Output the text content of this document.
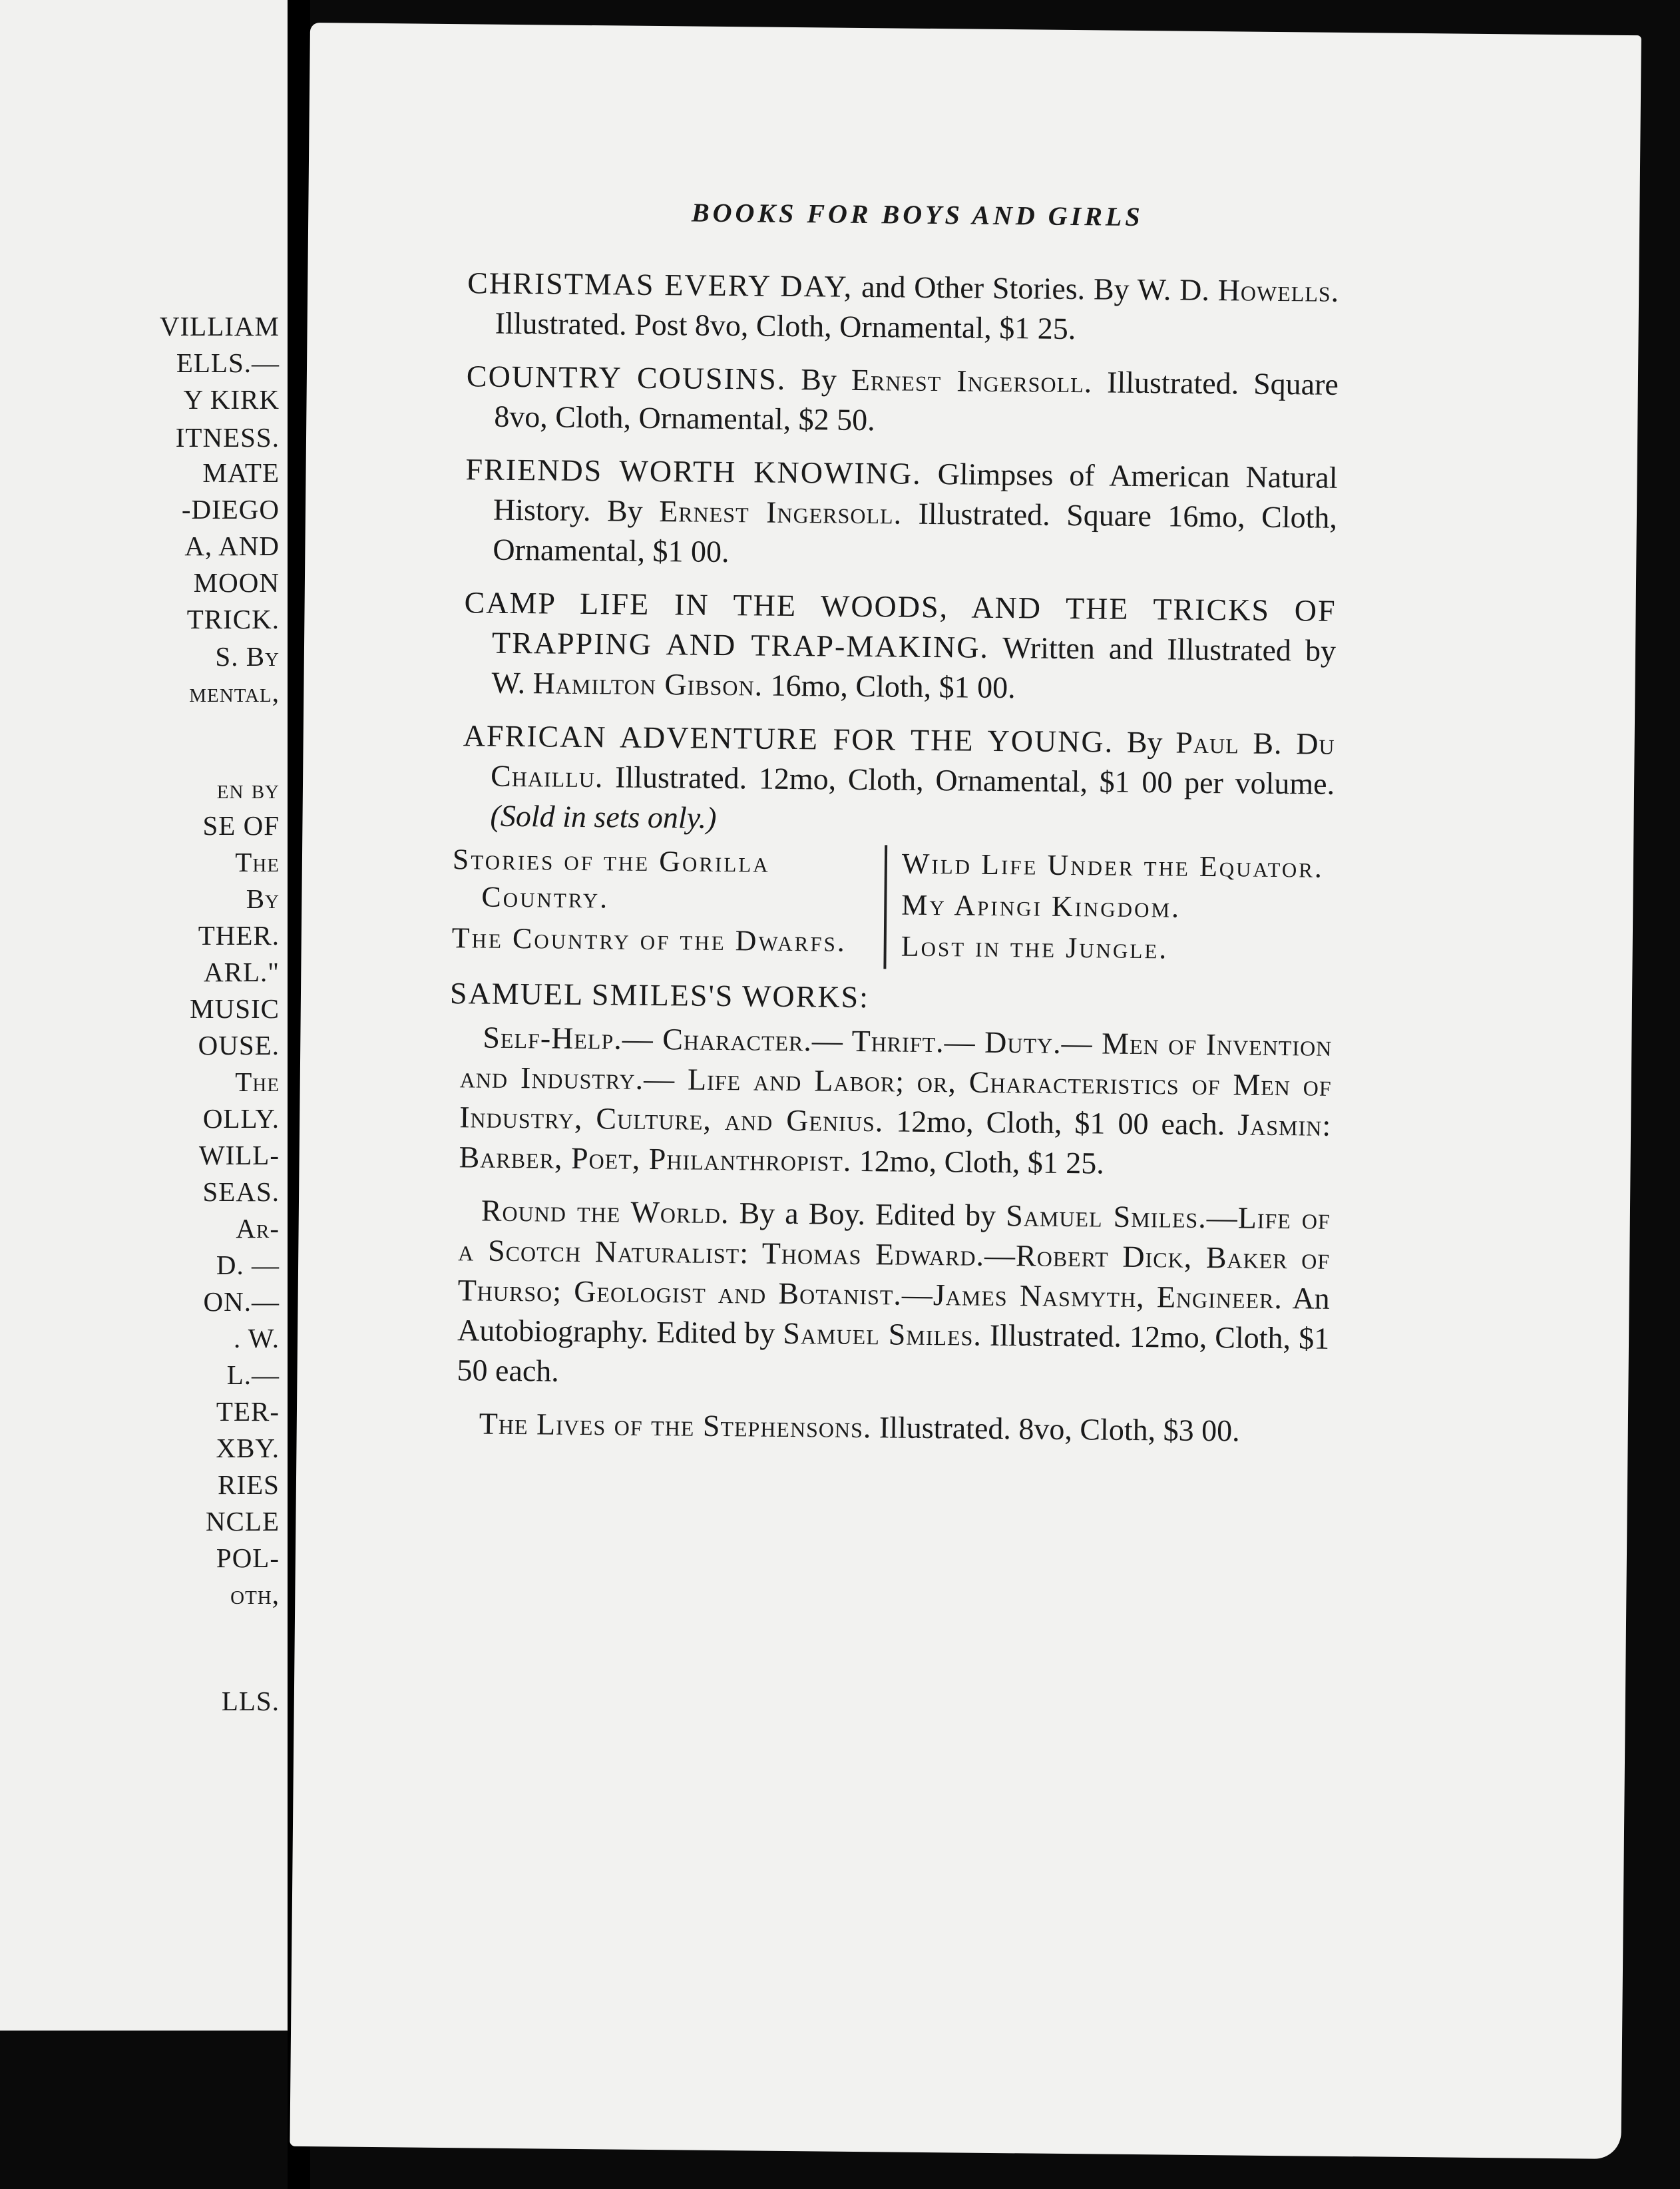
VILLIAM
ELLS.—
Y KIRK
ITNESS.
MATE
-DIEGO
A, AND
MOON
TRICK.
S. By
mental,
en by
SE OF
The
By
THER.
ARL."
MUSIC
OUSE.
The
OLLY.
WILL-
SEAS.
Ar-
D. —
ON.—
. W.
L.—
TER-
XBY.
RIES
NCLE
POL-
oth,
LLS.
BOOKS FOR BOYS AND GIRLS

CHRISTMAS EVERY DAY, and Other Stories. By W. D. Howells. Illustrated. Post 8vo, Cloth, Ornamental, $1 25.

COUNTRY COUSINS. By Ernest Ingersoll. Illustrated. Square 8vo, Cloth, Ornamental, $2 50.

FRIENDS WORTH KNOWING. Glimpses of American Natural History. By Ernest Ingersoll. Illustrated. Square 16mo, Cloth, Ornamental, $1 00.

CAMP LIFE IN THE WOODS, AND THE TRICKS OF TRAPPING AND TRAP-MAKING. Written and Illustrated by W. Hamilton Gibson. 16mo, Cloth, $1 00.

AFRICAN ADVENTURE FOR THE YOUNG. By Paul B. Du Chaillu. Illustrated. 12mo, Cloth, Ornamental, $1 00 per volume. (Sold in sets only.)

Stories of the Gorilla Country.
The Country of the Dwarfs.
Wild Life Under the Equator.
My Apingi Kingdom.
Lost in the Jungle.
SAMUEL SMILES'S WORKS:

Self-Help.— Character.— Thrift.— Duty.— Men of Invention and Industry.— Life and Labor; or, Characteristics of Men of Industry, Culture, and Genius. 12mo, Cloth, $1 00 each. Jasmin: Barber, Poet, Philanthropist. 12mo, Cloth, $1 25.

Round the World. By a Boy. Edited by Samuel Smiles.—Life of a Scotch Naturalist: Thomas Edward.—Robert Dick, Baker of Thurso; Geologist and Botanist.—James Nasmyth, Engineer. An Autobiography. Edited by Samuel Smiles. Illustrated. 12mo, Cloth, $1 50 each.

The Lives of the Stephensons. Illustrated. 8vo, Cloth, $3 00.
